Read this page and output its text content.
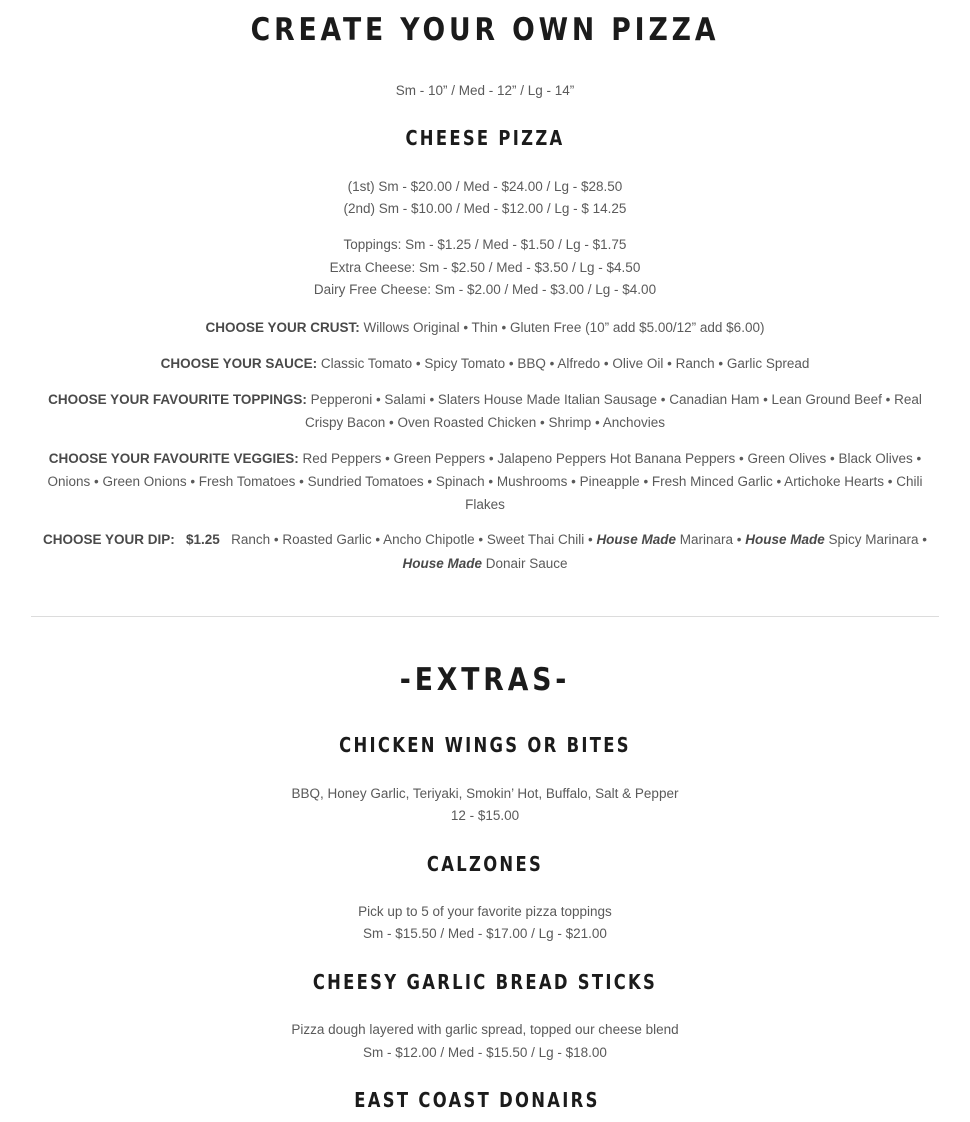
CREATE YOUR OWN PIZZA
Sm - 10” / Med - 12” / Lg - 14”
CHEESE PIZZA
(1st) Sm - $20.00 / Med - $24.00 / Lg - $28.50
(2nd) Sm - $10.00 / Med - $12.00 / Lg - $ 14.25
Toppings: Sm - $1.25 / Med - $1.50 / Lg - $1.75
Extra Cheese: Sm - $2.50 / Med - $3.50 / Lg - $4.50
Dairy Free Cheese: Sm - $2.00 / Med - $3.00 / Lg - $4.00
CHOOSE YOUR CRUST: Willows Original • Thin • Gluten Free (10” add $5.00/12” add $6.00)
CHOOSE YOUR SAUCE: Classic Tomato • Spicy Tomato • BBQ • Alfredo • Olive Oil • Ranch • Garlic Spread
CHOOSE YOUR FAVOURITE TOPPINGS: Pepperoni • Salami • Slaters House Made Italian Sausage • Canadian Ham • Lean Ground Beef • Real Crispy Bacon • Oven Roasted Chicken • Shrimp • Anchovies
CHOOSE YOUR FAVOURITE VEGGIES: Red Peppers • Green Peppers • Jalapeno Peppers Hot Banana Peppers • Green Olives • Black Olives • Onions • Green Onions • Fresh Tomatoes • Sundried Tomatoes • Spinach • Mushrooms • Pineapple • Fresh Minced Garlic • Artichoke Hearts • Chili Flakes
CHOOSE YOUR DIP: $1.25 Ranch • Roasted Garlic • Ancho Chipotle • Sweet Thai Chili • House Made Marinara • House Made Spicy Marinara • House Made Donair Sauce
-EXTRAS-
CHICKEN WINGS OR BITES
BBQ, Honey Garlic, Teriyaki, Smokin’ Hot, Buffalo, Salt & Pepper
12 - $15.00
CALZONES
Pick up to 5 of your favorite pizza toppings
Sm - $15.50 / Med - $17.00 / Lg - $21.00
CHEESY GARLIC BREAD STICKS
Pizza dough layered with garlic spread, topped our cheese blend
Sm - $12.00 / Med - $15.50 / Lg - $18.00
EAST COAST DONAIRS
